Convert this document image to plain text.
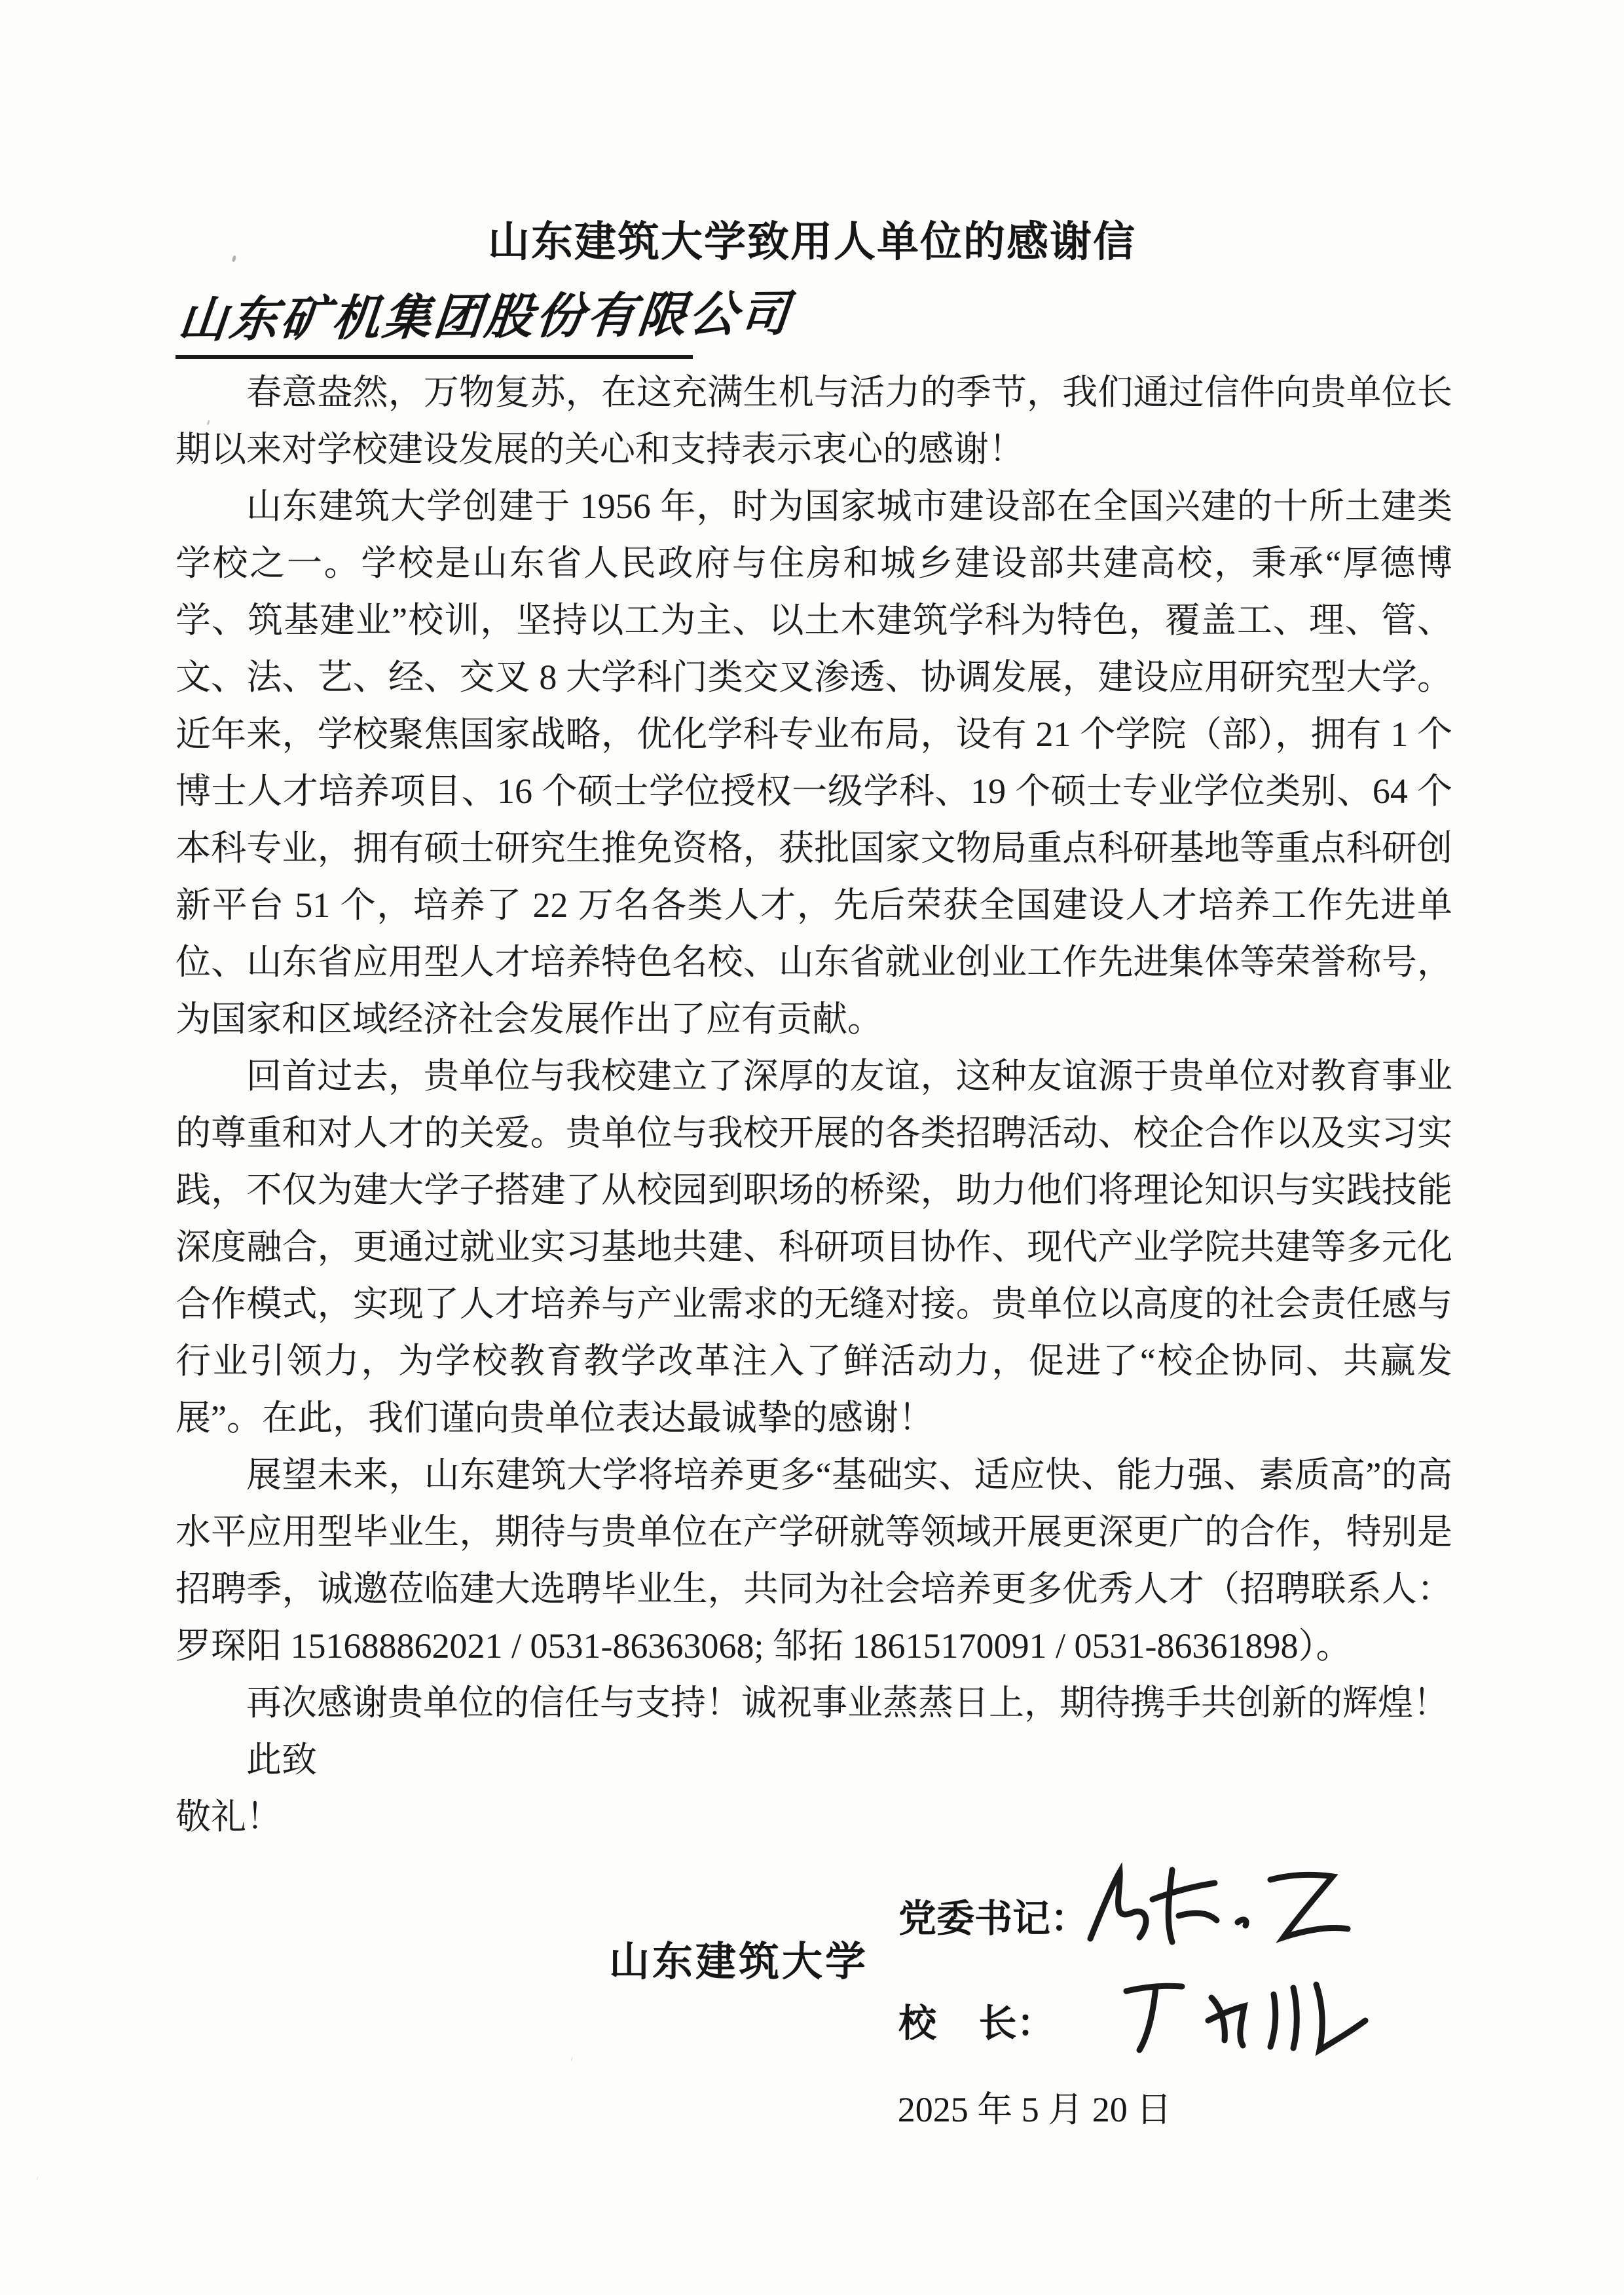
山东建筑大学致用人单位的感谢信
山东矿机集团股份有限公司

春意盎然，万物复苏，在这充满生机与活力的季节，我们通过信件向贵单位长期以来对学校建设发展的关心和支持表示衷心的感谢！

山东建筑大学创建于 1956 年，时为国家城市建设部在全国兴建的十所土建类学校之一。学校是山东省人民政府与住房和城乡建设部共建高校，秉承“厚德博学、筑基建业”校训，坚持以工为主、以土木建筑学科为特色，覆盖工、理、管、文、法、艺、经、交叉 8 大学科门类交叉渗透、协调发展，建设应用研究型大学。近年来，学校聚焦国家战略，优化学科专业布局，设有 21 个学院（部），拥有 1 个博士人才培养项目、16 个硕士学位授权一级学科、19 个硕士专业学位类别、64 个本科专业，拥有硕士研究生推免资格，获批国家文物局重点科研基地等重点科研创新平台 51 个，培养了 22 万名各类人才，先后荣获全国建设人才培养工作先进单位、山东省应用型人才培养特色名校、山东省就业创业工作先进集体等荣誉称号，为国家和区域经济社会发展作出了应有贡献。

回首过去，贵单位与我校建立了深厚的友谊，这种友谊源于贵单位对教育事业的尊重和对人才的关爱。贵单位与我校开展的各类招聘活动、校企合作以及实习实践，不仅为建大学子搭建了从校园到职场的桥梁，助力他们将理论知识与实践技能深度融合，更通过就业实习基地共建、科研项目协作、现代产业学院共建等多元化合作模式，实现了人才培养与产业需求的无缝对接。贵单位以高度的社会责任感与行业引领力，为学校教育教学改革注入了鲜活动力，促进了“校企协同、共赢发展”。在此，我们谨向贵单位表达最诚挚的感谢！

展望未来，山东建筑大学将培养更多“基础实、适应快、能力强、素质高”的高水平应用型毕业生，期待与贵单位在产学研就等领域开展更深更广的合作，特别是招聘季，诚邀莅临建大选聘毕业生，共同为社会培养更多优秀人才（招聘联系人：罗琛阳 151688862021 / 0531-86363068; 邹拓 18615170091 / 0531-86361898）。

再次感谢贵单位的信任与支持！诚祝事业蒸蒸日上，期待携手共创新的辉煌！

此致

敬礼！

山东建筑大学
党委书记：
校    长：
2025 年 5 月 20 日
